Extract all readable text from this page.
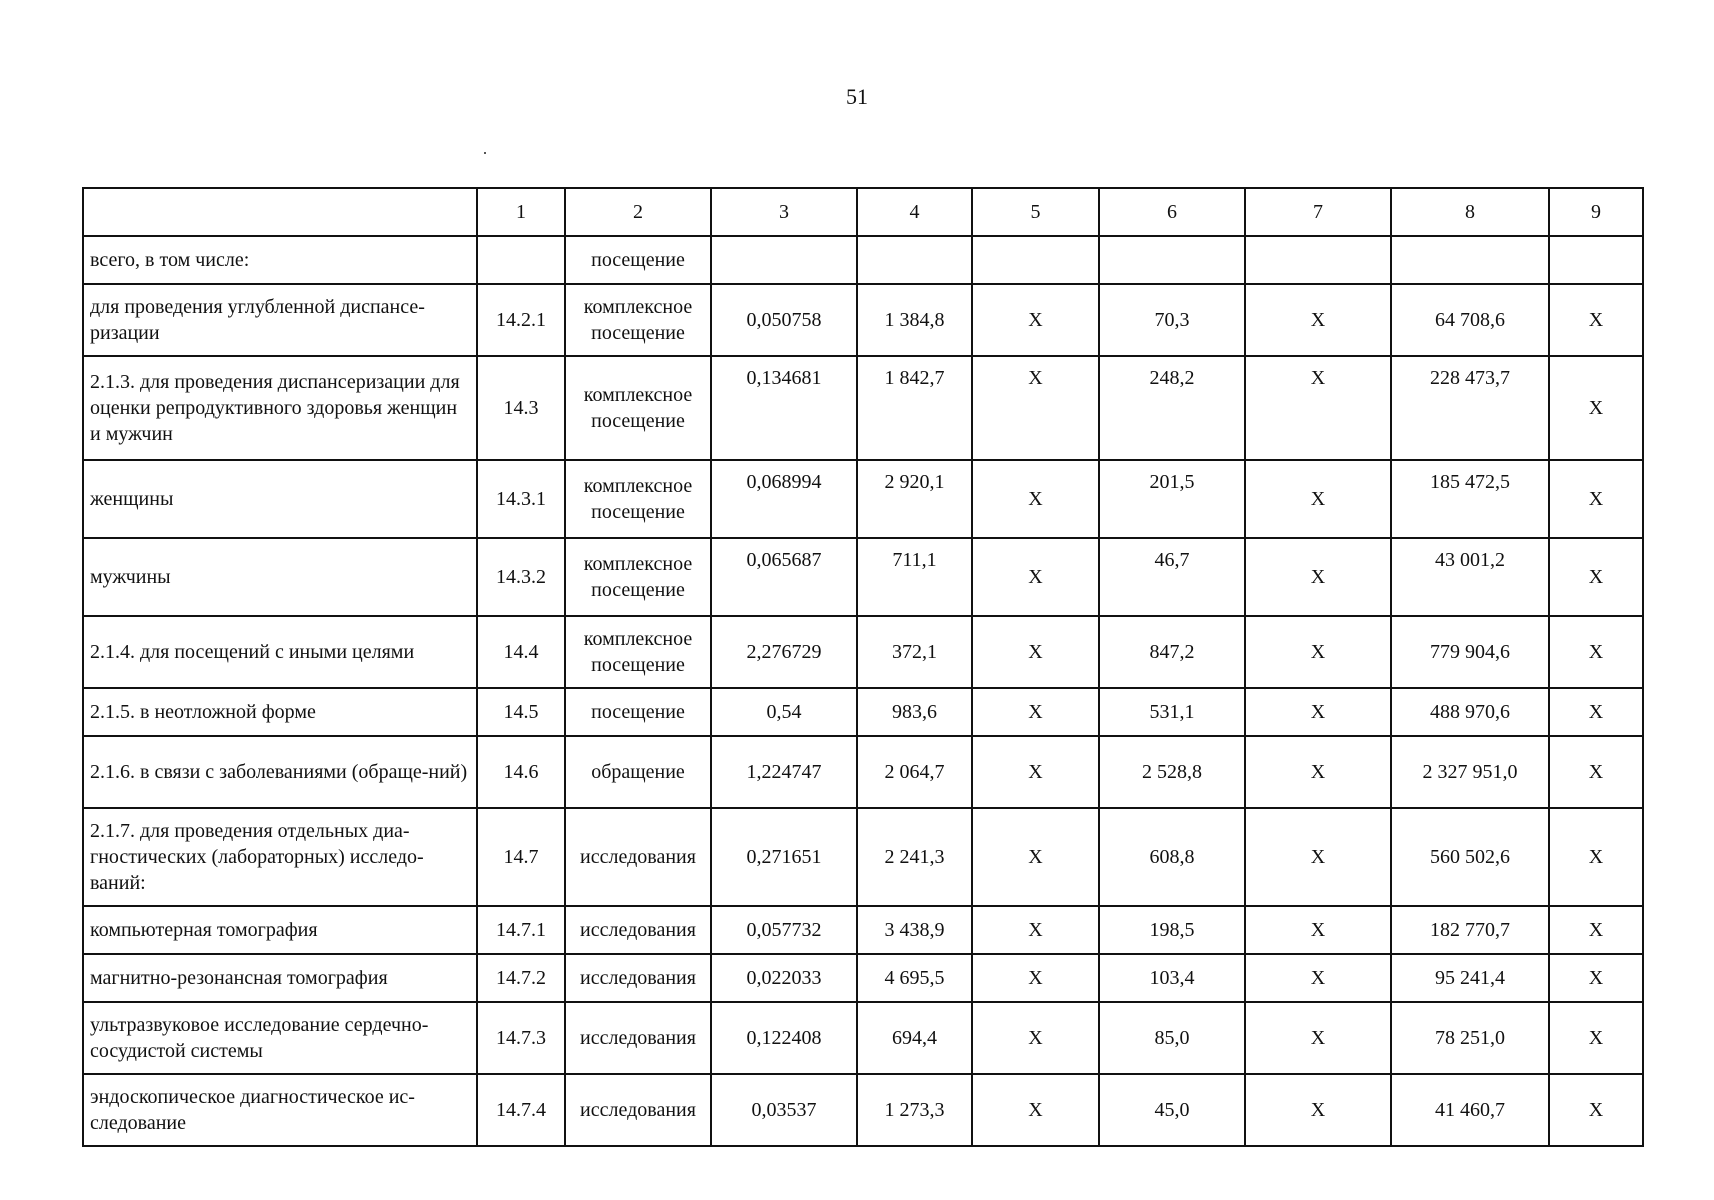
51
	1	2	3	4	5	6	7	8	9
всего, в том числе:		посещение							
для проведения углубленной диспансе-ризации	14.2.1	комплексное посещение	0,050758	1 384,8	X	70,3	X	64 708,6	X
2.1.3. для проведения диспансеризации для оценки репродуктивного здоровья женщин и мужчин	14.3	комплексное посещение	0,134681	1 842,7	X	248,2	X	228 473,7	X
женщины	14.3.1	комплексное посещение	0,068994	2 920,1	X	201,5	X	185 472,5	X
мужчины	14.3.2	комплексное посещение	0,065687	711,1	X	46,7	X	43 001,2	X
2.1.4. для посещений с иными целями	14.4	комплексное посещение	2,276729	372,1	X	847,2	X	779 904,6	X
2.1.5. в неотложной форме	14.5	посещение	0,54	983,6	X	531,1	X	488 970,6	X
2.1.6. в связи с заболеваниями (обраще-ний)	14.6	обращение	1,224747	2 064,7	X	2 528,8	X	2 327 951,0	X
2.1.7. для проведения отдельных диа-гностических (лабораторных) исследо-ваний:	14.7	исследования	0,271651	2 241,3	X	608,8	X	560 502,6	X
компьютерная томография	14.7.1	исследования	0,057732	3 438,9	X	198,5	X	182 770,7	X
магнитно-резонансная томография	14.7.2	исследования	0,022033	4 695,5	X	103,4	X	95 241,4	X
ультразвуковое исследование сердечно-сосудистой системы	14.7.3	исследования	0,122408	694,4	X	85,0	X	78 251,0	X
эндоскопическое диагностическое ис-следование	14.7.4	исследования	0,03537	1 273,3	X	45,0	X	41 460,7	X
